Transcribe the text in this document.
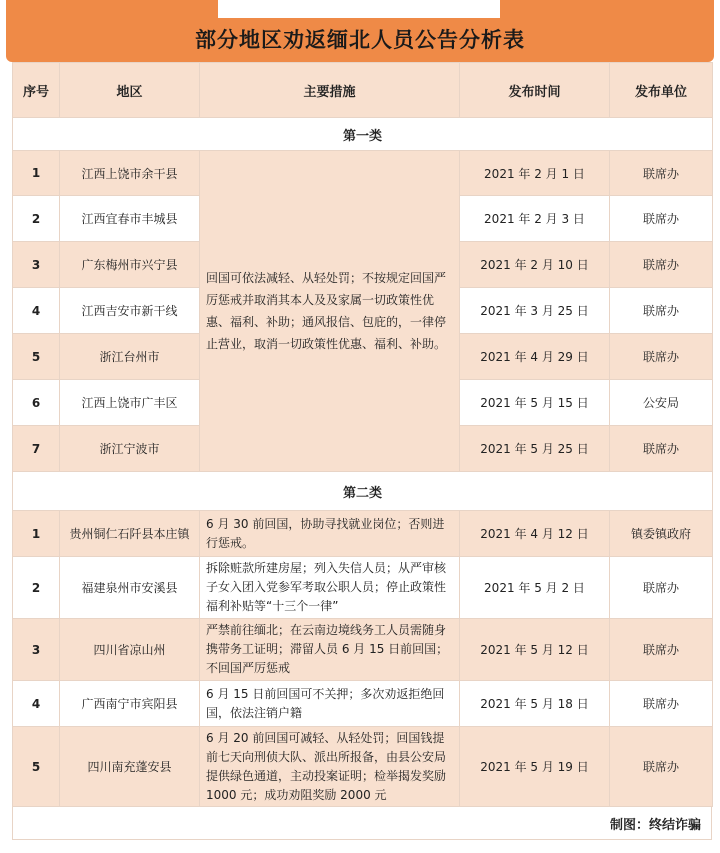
部分地区劝返缅北人员公告分析表
序号	地区	主要措施	发布时间	发布单位
第一类				
1	江西上饶市余干县	回国可依法减轻、从轻处罚；不按规定回国严厉惩戒并取消其本人及及家属一切政策性优惠、福利、补助；通风报信、包庇的，一律停止营业，取消一切政策性优惠、福利、补助。	2021 年 2 月 1 日	联席办
2	江西宜春市丰城县		2021 年 2 月 3 日	联席办
3	广东梅州市兴宁县		2021 年 2 月 10 日	联席办
4	江西吉安市新干线		2021 年 3 月 25 日	联席办
5	浙江台州市		2021 年 4 月 29 日	联席办
6	江西上饶市广丰区		2021 年 5 月 15 日	公安局
7	浙江宁波市		2021 年 5 月 25 日	联席办
第二类				
1	贵州铜仁石阡县本庄镇	6 月 30 前回国，协助寻找就业岗位；否则进行惩戒。	2021 年 4 月 12 日	镇委镇政府
2	福建泉州市安溪县	拆除赃款所建房屋；列入失信人员；从严审核子女入团入党参军考取公职人员；停止政策性福利补贴等“十三个一律”	2021 年 5 月 2 日	联席办
3	四川省凉山州	严禁前往缅北；在云南边境线务工人员需随身携带务工证明；滞留人员 6 月 15 日前回国；不回国严厉惩戒	2021 年 5 月 12 日	联席办
4	广西南宁市宾阳县	6 月 15 日前回国可不关押；多次劝返拒绝回国，依法注销户籍	2021 年 5 月 18 日	联席办
5	四川南充蓬安县	6 月 20 前回国可减轻、从轻处罚；回国钱提前七天向刑侦大队、派出所报备，由县公安局提供绿色通道，主动投案证明；检举揭发奖励 1000 元；成功劝阻奖励 2000 元	2021 年 5 月 19 日	联席办
制图：终结诈骗
